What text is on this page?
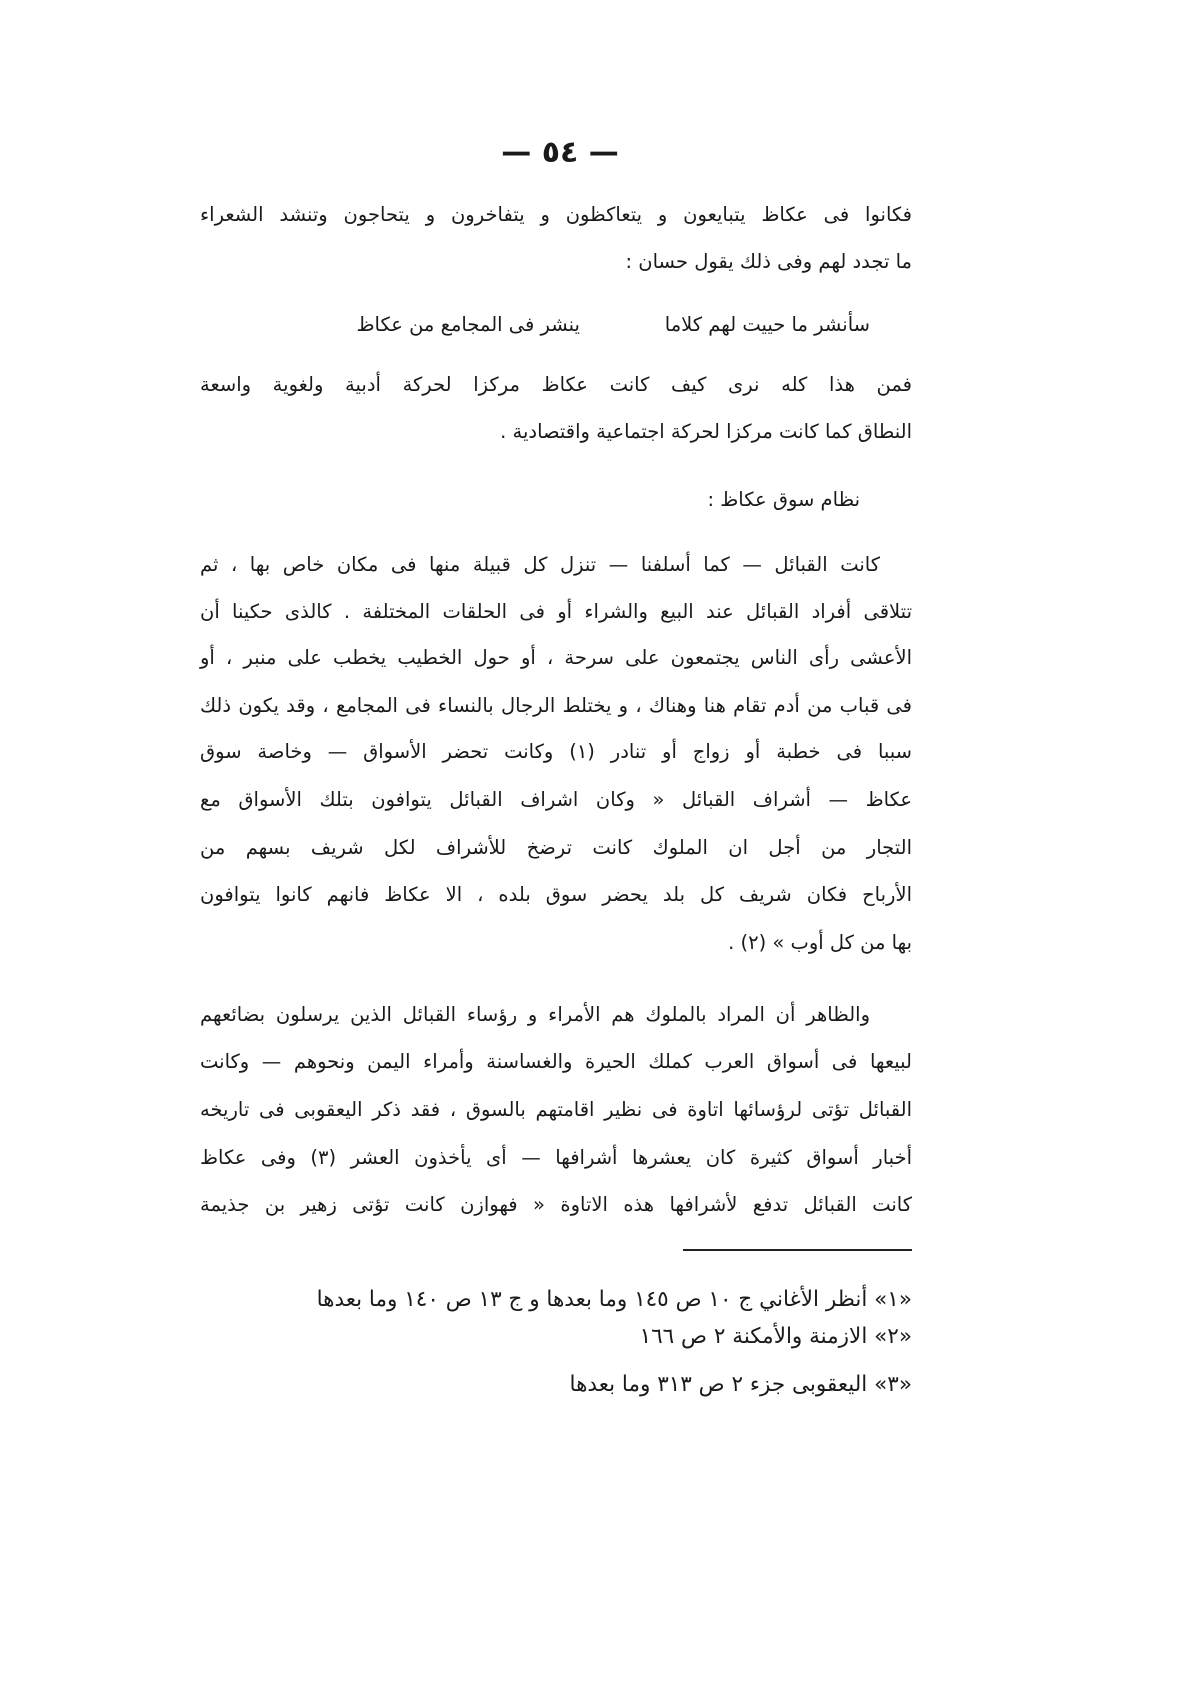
— ٥٤ —
فكانوا فى عكاظ يتبايعون و يتعاكظون و يتفاخرون و يتحاجون وتنشد الشعراء
ما تجدد لهم وفى ذلك يقول حسان :
سأنشر ما حييت لهم كلاما
ينشر فى المجامع من عكاظ
فمن هذا كله نرى كيف كانت عكاظ مركزا لحركة أدبية ولغوية واسعة
النطاق كما كانت مركزا لحركة اجتماعية واقتصادية .
نظام سوق عكاظ :
كانت القبائل — كما أسلفنا — تنزل كل قبيلة منها فى مكان خاص بها ، ثم
تتلاقى أفراد القبائل عند البيع والشراء أو فى الحلقات المختلفة . كالذى حكينا أن
الأعشى رأى الناس يجتمعون على سرحة ، أو حول الخطيب يخطب على منبر ، أو
فى قباب من أدم تقام هنا وهناك ، و يختلط الرجال بالنساء فى المجامع ، وقد يكون ذلك
سببا فى خطبة أو زواج أو تنادر (١) وكانت تحضر الأسواق — وخاصة سوق
عكاظ — أشراف القبائل « وكان اشراف القبائل يتوافون بتلك الأسواق مع
التجار من أجل ان الملوك كانت ترضخ للأشراف لكل شريف بسهم من
الأرباح فكان شريف كل بلد يحضر سوق بلده ، الا عكاظ فانهم كانوا يتوافون
بها من كل أوب » (٢) .
والظاهر أن المراد بالملوك هم الأمراء و رؤساء القبائل الذين يرسلون بضائعهم
لبيعها فى أسواق العرب كملك الحيرة والغساسنة وأمراء اليمن ونحوهم — وكانت
القبائل تؤتى لرؤسائها اتاوة فى نظير اقامتهم بالسوق ، فقد ذكر اليعقوبى فى تاريخه
أخبار أسواق كثيرة كان يعشرها أشرافها — أى يأخذون العشر (٣) وفى عكاظ
كانت القبائل تدفع لأشرافها هذه الاتاوة « فهوازن كانت تؤتى زهير بن جذيمة
«١» أنظر الأغاني ج ١٠ ص ١٤٥ وما بعدها و ج ١٣ ص ١٤٠ وما بعدها
«٢» الازمنة والأمكنة ٢ ص ١٦٦
«٣» اليعقوبى جزء ٢ ص ٣١٣ وما بعدها
